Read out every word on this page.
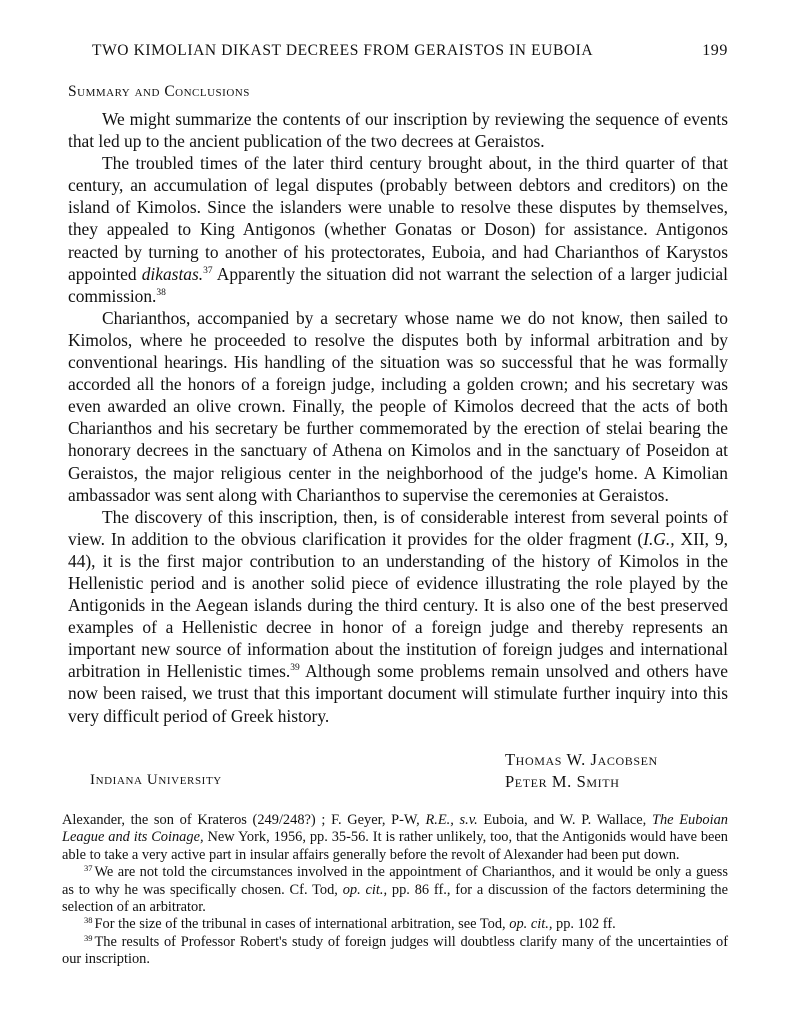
TWO KIMOLIAN DIKAST DECREES FROM GERAISTOS IN EUBOIA	199
Summary and Conclusions

We might summarize the contents of our inscription by reviewing the sequence of events that led up to the ancient publication of the two decrees at Geraistos.

The troubled times of the later third century brought about, in the third quarter of that century, an accumulation of legal disputes (probably between debtors and creditors) on the island of Kimolos. Since the islanders were unable to resolve these disputes by themselves, they appealed to King Antigonos (whether Gonatas or Doson) for assistance. Antigonos reacted by turning to another of his protectorates, Euboia, and had Charianthos of Karystos appointed dikastas.$^{37}$ Apparently the situation did not warrant the selection of a larger judicial commission.$^{38}$

Charianthos, accompanied by a secretary whose name we do not know, then sailed to Kimolos, where he proceeded to resolve the disputes both by informal arbitration and by conventional hearings. His handling of the situation was so successful that he was formally accorded all the honors of a foreign judge, including a golden crown; and his secretary was even awarded an olive crown. Finally, the people of Kimolos decreed that the acts of both Charianthos and his secretary be further commemorated by the erection of stelai bearing the honorary decrees in the sanctuary of Athena on Kimolos and in the sanctuary of Poseidon at Geraistos, the major religious center in the neighborhood of the judge's home. A Kimolian ambassador was sent along with Charianthos to supervise the ceremonies at Geraistos.

The discovery of this inscription, then, is of considerable interest from several points of view. In addition to the obvious clarification it provides for the older fragment (I.G., XII, 9, 44), it is the first major contribution to an understanding of the history of Kimolos in the Hellenistic period and is another solid piece of evidence illustrating the role played by the Antigonids in the Aegean islands during the third century. It is also one of the best preserved examples of a Hellenistic decree in honor of a foreign judge and thereby represents an important new source of information about the institution of foreign judges and international arbitration in Hellenistic times.$^{39}$ Although some problems remain unsolved and others have now been raised, we trust that this important document will stimulate further inquiry into this very difficult period of Greek history.

Thomas W. Jacobsen
Indiana University	Peter M. Smith

Alexander, the son of Krateros (249/248?) ; F. Geyer, P-W, R.E., s.v. Euboia, and W. P. Wallace, The Euboian League and its Coinage, New York, 1956, pp. 35-56. It is rather unlikely, too, that the Antigonids would have been able to take a very active part in insular affairs generally before the revolt of Alexander had been put down.

$^{37}$ We are not told the circumstances involved in the appointment of Charianthos, and it would be only a guess as to why he was specifically chosen. Cf. Tod, op. cit., pp. 86 ff., for a discussion of the factors determining the selection of an arbitrator.

$^{38}$ For the size of the tribunal in cases of international arbitration, see Tod, op. cit., pp. 102 ff.

$^{39}$ The results of Professor Robert's study of foreign judges will doubtless clarify many of the uncertainties of our inscription.
